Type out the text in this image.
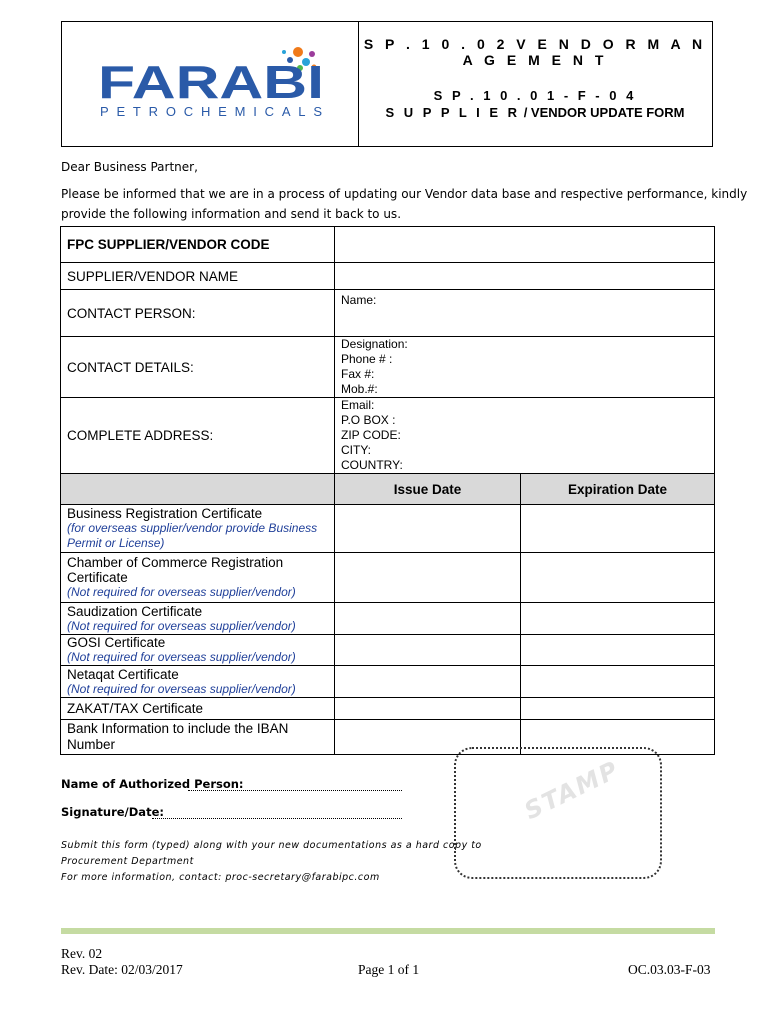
FARABI
PETROCHEMICALS
S P . 1 0 . 0 2 V E N D O R M A N A G E M E N T
S P . 1 0 . 0 1 - F - 0 4
S U P P L I E R / VENDOR UPDATE FORM
Dear Business Partner,
Please be informed that we are in a process of updating our Vendor data base and respective performance, kindly
provide the following information and send it back to us.
FPC SUPPLIER/VENDOR CODE		
SUPPLIER/VENDOR NAME		
CONTACT PERSON:	Name:	
CONTACT DETAILS:	Designation:
Phone # :
Fax #:
Mob.#:	

COMPLETE ADDRESS:	Email:
P.O BOX :
ZIP CODE:
CITY:
COUNTRY:	

	Issue Date	Expiration Date

Business Registration Certificate
(for overseas supplier/vendor provide Business Permit or License)		

Chamber of Commerce Registration Certificate
(Not required for overseas supplier/vendor)		

Saudization Certificate
(Not required for overseas supplier/vendor)		

GOSI Certificate
(Not required for overseas supplier/vendor)		

Netaqat Certificate
(Not required for overseas supplier/vendor)		

ZAKAT/TAX Certificate		
Bank Information to include the IBAN Number		
Name of Authorized Person:
Signature/Date:
Submit this form (typed) along with your new documentations as a hard copy to
Procurement Department
For more information, contact: proc-secretary@farabipc.com
STAMP
Rev. 02
Rev. Date: 02/03/2017	Page 1 of 1	OC.03.03-F-03
